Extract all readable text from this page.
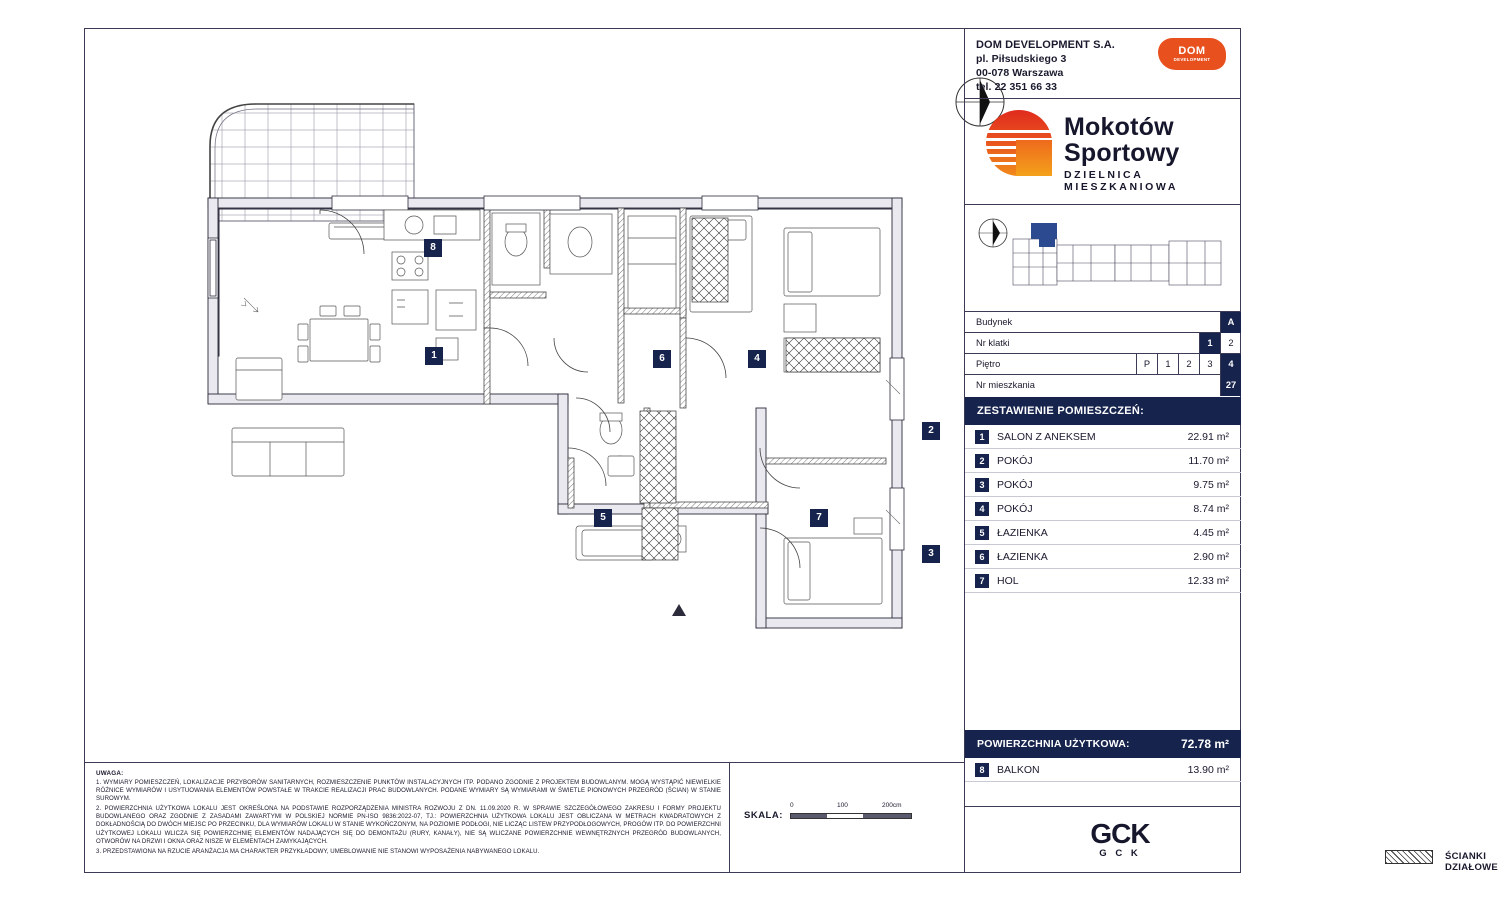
8
1	6	4
2
5	7
3
UWAGA:

1. WYMIARY POMIESZCZEŃ, LOKALIZACJE PRZYBORÓW SANITARNYCH, ROZMIESZCZENIE PUNKTÓW INSTALACYJNYCH ITP. PODANO ZGODNIE Z PROJEKTEM BUDOWLANYM. MOGĄ WYSTĄPIĆ NIEWIELKIE RÓŻNICE WYMIARÓW I USYTUOWANIA ELEMENTÓW POWSTAŁE W TRAKCIE REALIZACJI PRAC BUDOWLANYCH. PODANE WYMIARY SĄ WYMIARAMI W ŚWIETLE PIONOWYCH PRZEGRÓD (ŚCIAN) W STANIE SUROWYM.

2. POWIERZCHNIA UŻYTKOWA LOKALU JEST OKREŚLONA NA PODSTAWIE ROZPORZĄDZENIA MINISTRA ROZWOJU Z DN. 11.09.2020 R. W SPRAWIE SZCZEGÓŁOWEGO ZAKRESU I FORMY PROJEKTU BUDOWLANEGO ORAZ ZGODNIE Z ZASADAMI ZAWARTYMI W POLSKIEJ NORMIE PN-ISO 9836:2022-07, TJ.: POWIERZCHNIA UŻYTKOWA LOKALU JEST OBLICZANA W METRACH KWADRATOWYCH Z DOKŁADNOŚCIĄ DO DWÓCH MIEJSC PO PRZECINKU, DLA WYMIARÓW LOKALU W STANIE WYKOŃCZONYM, NA POZIOMIE PODŁOGI, NIE LICZĄC LISTEW PRZYPODŁOGOWYCH, PROGÓW ITP. DO POWIERZCHNI UŻYTKOWEJ LOKALU WLICZA SIĘ POWIERZCHNIĘ ELEMENTÓW NADAJĄCYCH SIĘ DO DEMONTAŻU (RURY, KANAŁY), NIE SĄ WLICZANE POWIERZCHNIE WEWNĘTRZNYCH PRZEGRÓD BUDOWLANYCH, OTWORÓW NA DRZWI I OKNA ORAZ NISZE W ELEMENTACH ZAMYKAJĄCYCH.

3. PRZEDSTAWIONA NA RZUCIE ARANŻACJA MA CHARAKTER PRZYKŁADOWY, UMEBLOWANIE NIE STANOWI WYPOSAŻENIA NABYWANEGO LOKALU.

SKALA:
0	100	200cm
ŚCIANKI DZIAŁOWE
DOM DEVELOPMENT S.A.
pl. Piłsudskiego 3
00-078 Warszawa
tel. 22 351 66 33
DOM
DEVELOPMENT
Mokotów
Sportowy
DZIELNICA MIESZKANIOWA
Budynek	A
Nr klatki	1	2
Piętro	P	1	2	3	4
Nr mieszkania	27
ZESTAWIENIE POMIESZCZEŃ:
1	SALON Z ANEKSEM	22.91 m²
2	POKÓJ	11.70 m²
3	POKÓJ	9.75 m²
4	POKÓJ	8.74 m²
5	ŁAZIENKA	4.45 m²
6	ŁAZIENKA	2.90 m²
7	HOL	12.33 m²
POWIERZCHNIA UŻYTKOWA:	72.78 m²
8	BALKON	13.90 m²
GCK
G C K
